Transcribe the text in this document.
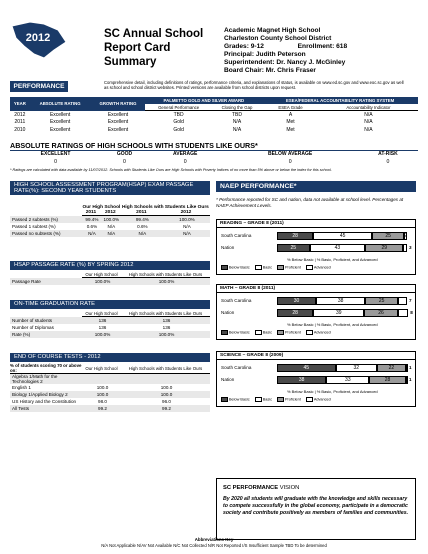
2012	SC Annual School
Report Card
Summary
Academic Magnet High School
Charleston County School District
Grades: 9-12	Enrollment: 618
Principal: Judith Peterson
Superintendent: Dr. Nancy J. McGinley
Board Chair: Mr. Chris Fraser
PERFORMANCE
Comprehensive detail, including definitions of ratings, performance criteria, and explanations of status, is available on www.ed.sc.gov and www.eoc.sc.gov as well as school and school district websites. Printed versions are available from school districts upon request.
YEAR	ABSOLUTE RATING	GROWTH RATING	PALMETTO GOLD AND SILVER AWARD		ESEA/FEDERAL ACCOUNTABILITY RATING SYSTEM	
			General Performance	Closing the Gap	ESEA Grade	Accountability Indicator
2012	Excellent	Excellent	TBD	TBD	A	N/A
2011	Excellent	Excellent	Gold	N/A	Met	N/A
2010	Excellent	Excellent	Gold	N/A	Met	N/A
ABSOLUTE RATINGS OF HIGH SCHOOLS WITH STUDENTS LIKE OURS*
EXCELLENT	GOOD	AVERAGE	BELOW AVERAGE	AT-RISK
0	0	0	0	0
* Ratings are calculated with data available by 11/07/2012. Schools with Students Like Ours are High Schools with Poverty Indices of no more than 5% above or below the index for this school.
HIGH SCHOOL ASSESSMENT PROGRAM(HSAP) EXAM PASSAGE RATE(%): SECOND YEAR STUDENTS
	Our High School		High Schools with Students Like Ours	
	2011	2012	2011	2012
Passed 2 subtests (%)	99.4%	100.0%	99.4%	100.0%
Passed 1 subtest (%)	0.6%	N/A	0.6%	N/A
Passed no subtests (%)	N/A	N/A	N/A	N/A
HSAP PASSAGE RATE (%) BY SPRING 2012
	Our High School	High Schools with Students Like Ours
Passage Rate	100.0%	100.0%
ON-TIME GRADUATION RATE
	Our High School	High Schools with Students Like Ours
Number of students	136	136
Number of Diplomas	136	136
Rate (%)	100.0%	100.0%
END OF COURSE TESTS - 2012
% of students scoring 70 or above on:	Our High School	High Schools with Students Like Ours
Algebra 1/Math for the Technologies 2		
English 1	100.0	100.0
Biology 1/Applied Biology 2	100.0	100.0
US History and the Constitution	98.0	96.0
All Tests	99.2	99.2
NAEP PERFORMANCE*
* Performance reported for SC and nation, data not available at school level. Percentages at NAEP Achievement Levels.
READING – GRADE 8 (2011)
South Carolina	28	45	25	2
Nation	25	43	29	3
% Below Basic | % Basic, Proficient, and Advanced
Below Basic	Basic	Proficient	Advanced
MATH – GRADE 8 (2011)
South Carolina	30	38	25	7
Nation	28	39	26	8
% Below Basic | % Basic, Proficient, and Advanced
Below Basic	Basic	Proficient	Advanced
SCIENCE – GRADE 8 (2009)
South Carolina	45	32	22	1
Nation	38	33	28	1
% Below Basic | % Basic, Proficient, and Advanced
Below Basic	Basic	Proficient	Advanced
SC PERFORMANCE VISION
By 2020 all students will graduate with the knowledge and skills necessary to compete successfully in the global economy, participate in a democratic society and contribute positively as members of families and communities.
Abbreviations Key
N/A Not Applicable N/AV Not Available N/C Not Collected N/R Not Reported I/S Insufficient Sample TBD To be determined
